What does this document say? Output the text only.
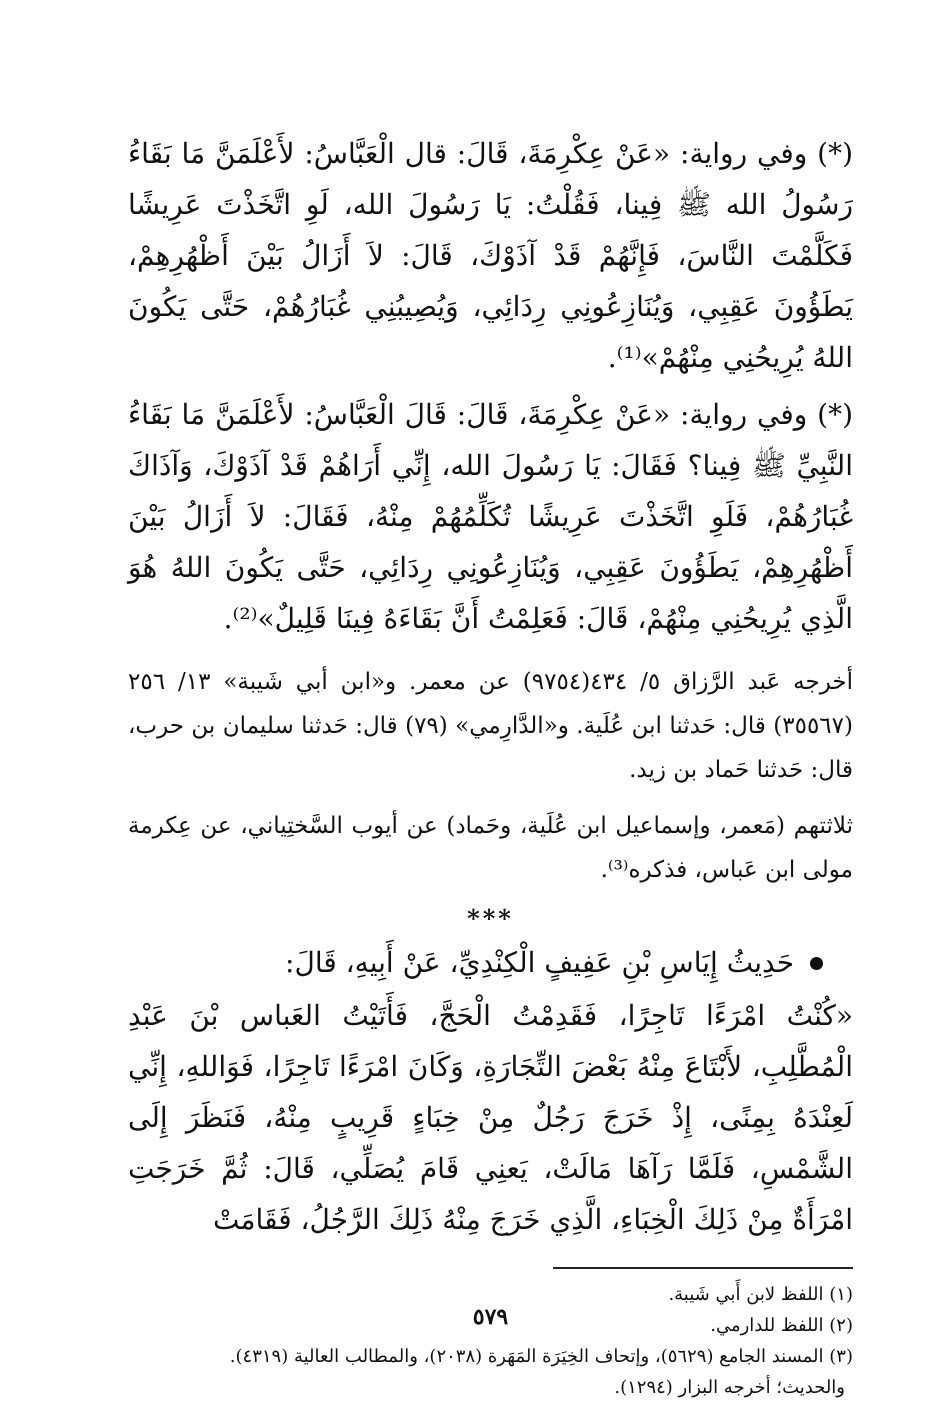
(*) وفي رواية: «عَنْ عِكْرِمَةَ، قَالَ: قال الْعَبَّاسُ: لأَعْلَمَنَّ مَا بَقَاءُ رَسُولُ الله ﷺ فِينا، فَقُلْتُ: يَا رَسُولَ الله، لَوِ اتَّخَذْتَ عَرِيشًا فَكَلَّمْتَ النَّاسَ، فَإِنَّهُمْ قَدْ آذَوْكَ، قَالَ: لاَ أَزَالُ بَيْنَ أَظْهُرِهِمْ، يَطَؤُونَ عَقِبِي، وَيُنَازِعُونِي رِدَائِي، وَيُصِيبُنِي غُبَارُهُمْ، حَتَّى يَكُونَ اللهُ يُرِيحُنِي مِنْهُمْ»⁽¹⁾.

(*) وفي رواية: «عَنْ عِكْرِمَةَ، قَالَ: قَالَ الْعَبَّاسُ: لأَعْلَمَنَّ مَا بَقَاءُ النَّبِيِّ ﷺ فِينا؟ فَقَالَ: يَا رَسُولَ الله، إِنِّي أَرَاهُمْ قَدْ آذَوْكَ، وَآذَاكَ غُبَارُهُمْ، فَلَوِ اتَّخَذْتَ عَرِيشًا تُكَلِّمُهُمْ مِنْهُ، فَقَالَ: لاَ أَزَالُ بَيْنَ أَظْهُرِهِمْ، يَطَؤُونَ عَقِبِي، وَيُنَازِعُونِي رِدَائِي، حَتَّى يَكُونَ اللهُ هُوَ الَّذِي يُرِيحُنِي مِنْهُمْ، قَالَ: فَعَلِمْتُ أَنَّ بَقَاءَهُ فِينَا قَلِيلٌ»⁽²⁾.

أخرجه عَبد الرَّزاق ٥/ ٤٣٤(٩٧٥٤) عن معمر. و«ابن أبي شَيبة» ١٣/ ٢٥٦ (٣٥٥٦٧) قال: حَدثنا ابن عُلَية. و«الدَّارِمي» (٧٩) قال: حَدثنا سليمان بن حرب، قال: حَدثنا حَماد بن زيد.

ثلاثتهم (مَعمر، وإسماعيل ابن عُلَية، وحَماد) عن أيوب السَّختِياني، عن عِكرمة مولى ابن عَباس، فذكره⁽³⁾.

***
حَدِيثُ إِيَاسِ بْنِ عَفِيفٍ الْكِنْدِيِّ، عَنْ أَبِيهِ، قَالَ:

«كُنْتُ امْرَءًا تَاجِرًا، فَقَدِمْتُ الْحَجَّ، فَأَتَيْتُ العَباس بْنَ عَبْدِ الْمُطَّلِبِ، لأَبْتَاعَ مِنْهُ بَعْضَ التِّجَارَةِ، وَكَانَ امْرَءًا تَاجِرًا، فَوَاللهِ، إِنِّي لَعِنْدَهُ بِمِنًى، إِذْ خَرَجَ رَجُلٌ مِنْ خِبَاءٍ قَرِيبٍ مِنْهُ، فَنَظَرَ إِلَى الشَّمْسِ، فَلَمَّا رَآهَا مَالَتْ، يَعنِي قَامَ يُصَلِّي، قَالَ: ثُمَّ خَرَجَتِ امْرَأَةٌ مِنْ ذَلِكَ الْخِبَاءِ، الَّذِي خَرَجَ مِنْهُ ذَلِكَ الرَّجُلُ، فَقَامَتْ

(١) اللفظ لابن أَبي شَيبة.

(٢) اللفظ للدارمي.

(٣) المسند الجامع (٥٦٢٩)، وإتحاف الخِيَرَة المَهَرة (٢٠٣٨)، والمطالب العالية (٤٣١٩).

والحديث؛ أخرجه البزار (١٢٩٤).

٥٧٩
